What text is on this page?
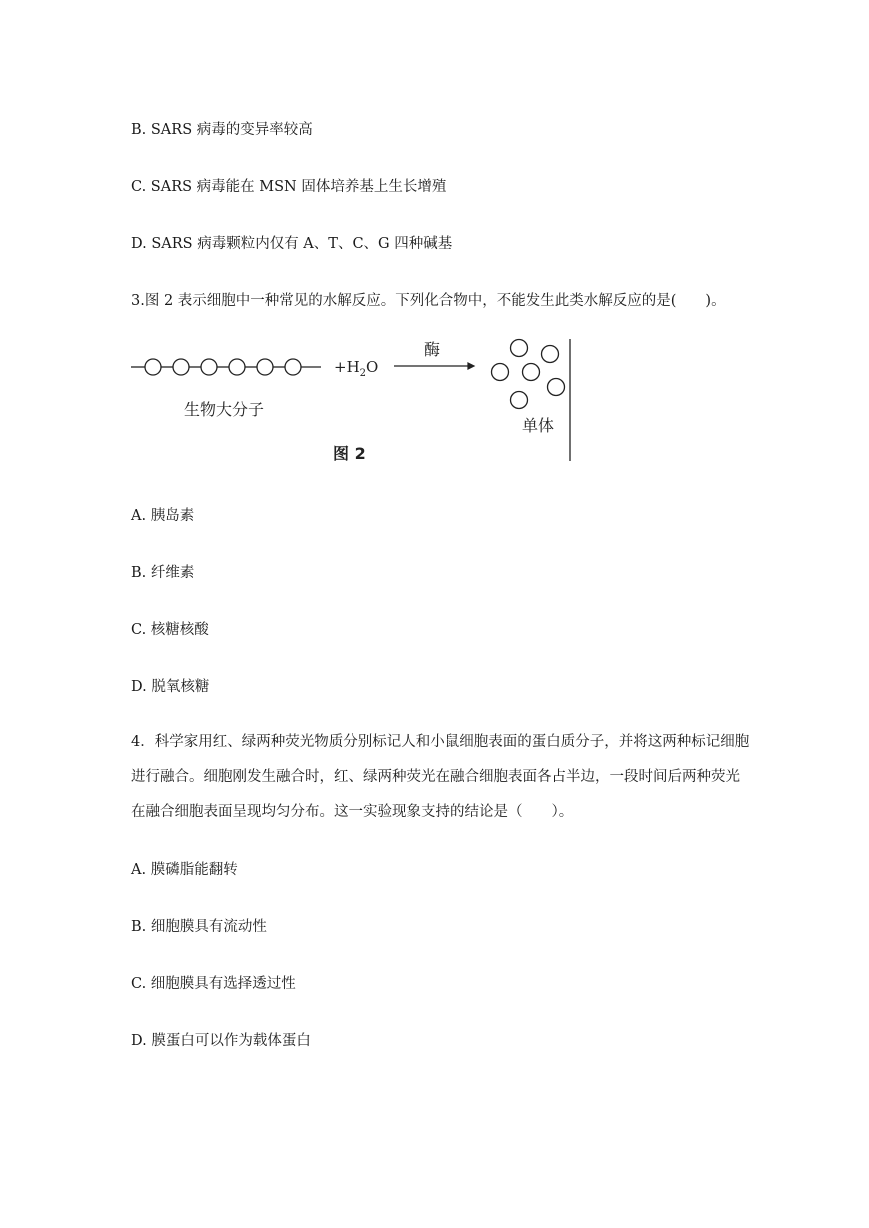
B. SARS 病毒的变异率较高
C. SARS 病毒能在 MSN 固体培养基上生长增殖
D. SARS 病毒颗粒内仅有 A、T、C、G 四种碱基
3.图 2 表示细胞中一种常见的水解反应。下列化合物中，不能发生此类水解反应的是(　　)。
$+H_2O$
酶
生物大分子
单体
图 2
A. 胰岛素
B. 纤维素
C. 核糖核酸
D. 脱氧核糖
4．科学家用红、绿两种荧光物质分别标记人和小鼠细胞表面的蛋白质分子，并将这两种标记细胞进行融合。细胞刚发生融合时，红、绿两种荧光在融合细胞表面各占半边，一段时间后两种荧光在融合细胞表面呈现均匀分布。这一实验现象支持的结论是（　　）。
A. 膜磷脂能翻转
B. 细胞膜具有流动性
C. 细胞膜具有选择透过性
D. 膜蛋白可以作为载体蛋白
